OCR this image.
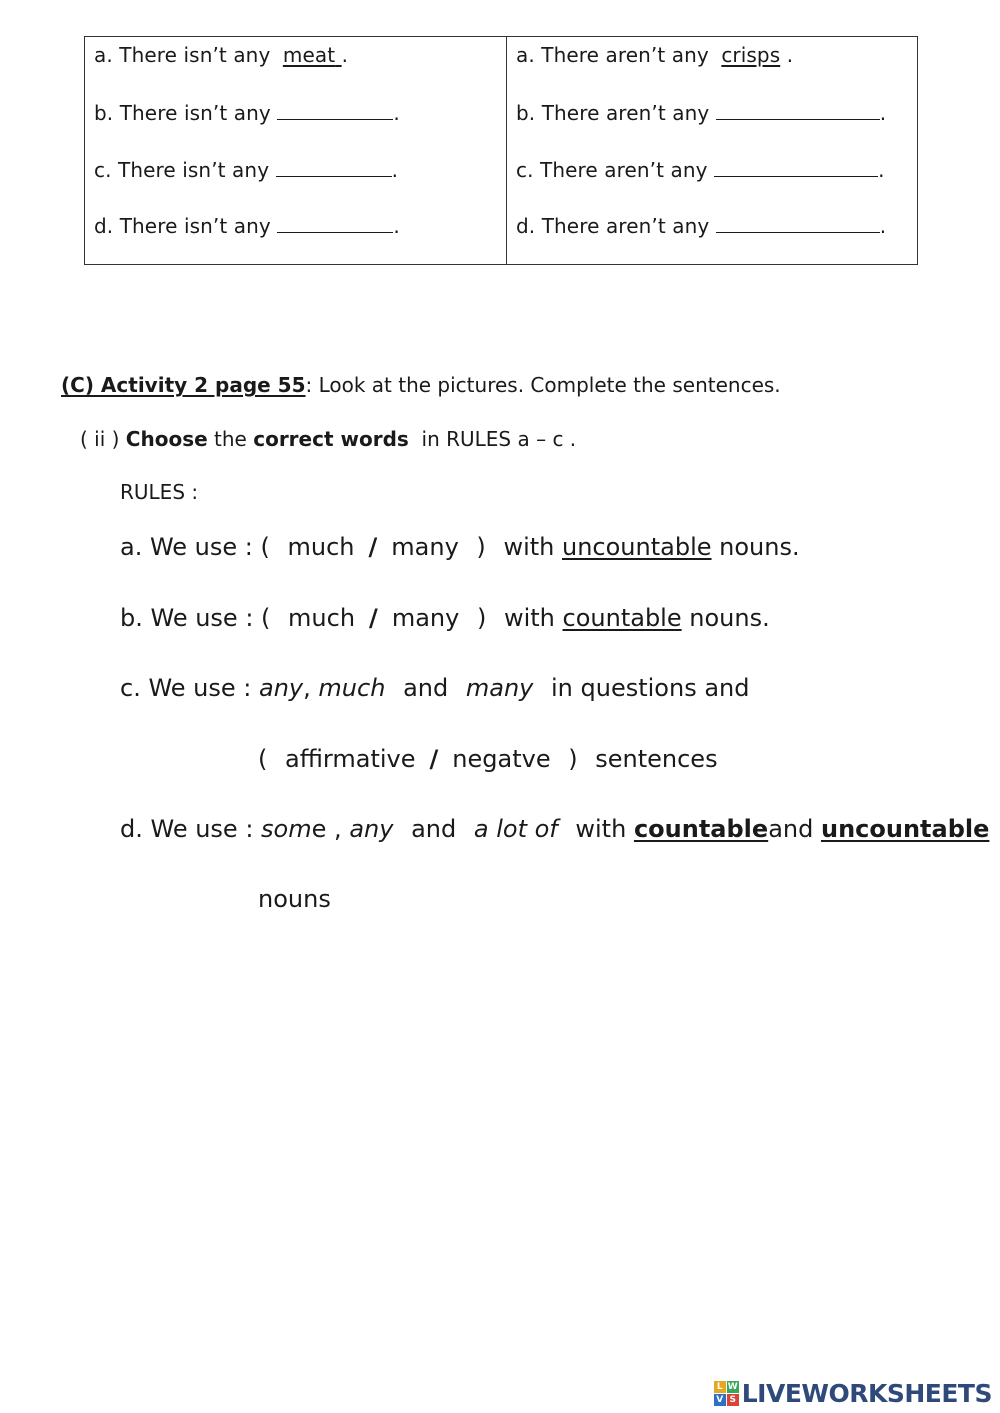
a. There isn’t any meat .
b. There isn’t any	.
c. There isn’t any	.
d. There isn’t any	.
a. There aren’t any crisps .
b. There aren’t any	.
c. There aren’t any	.
d. There aren’t any	.
(C) Activity 2 page 55: Look at the pictures. Complete the sentences.
( ii ) Choose the correct words in RULES a – c .
RULES :
a. We use : ( much / many ) with uncountable nouns.
b. We use : ( much / many ) with countable nouns.
c. We use : any, much and many in questions and
( affirmative / negatve ) sentences
d. We use : some , any and a lot of with countableand uncountable
nouns
L W
V S LIVEWORKSHEETS
